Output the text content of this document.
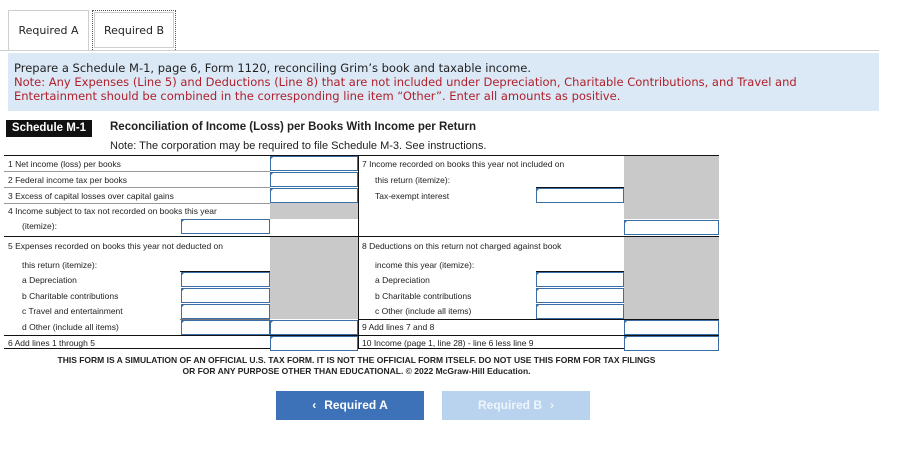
Required A	Required B
Prepare a Schedule M-1, page 6, Form 1120, reconciling Grim’s book and taxable income.
Note: Any Expenses (Line 5) and Deductions (Line 8) that are not included under Depreciation, Charitable Contributions, and Travel and Entertainment should be combined in the corresponding line item “Other”. Enter all amounts as positive.
Schedule M-1	Reconciliation of Income (Loss) per Books With Income per Return
Note: The corporation may be required to file Schedule M-3. See instructions.
1 Net income (loss) per books
2 Federal income tax per books
3 Excess of capital losses over capital gains
4 Income subject to tax not recorded on books this year
(itemize):
5 Expenses recorded on books this year not deducted on
this return (itemize):
a Depreciation
b Charitable contributions
c Travel and entertainment
d Other (include all items)
6 Add lines 1 through 5
7 Income recorded on books this year not included on
this return (itemize):
Tax-exempt interest
8 Deductions on this return not charged against book
income this year (itemize):
a Depreciation
b Charitable contributions
c Other (include all items)
9 Add lines 7 and 8
10 Income (page 1, line 28) - line 6 less line 9
THIS FORM IS A SIMULATION OF AN OFFICIAL U.S. TAX FORM. IT IS NOT THE OFFICIAL FORM ITSELF. DO NOT USE THIS FORM FOR TAX FILINGS
OR FOR ANY PURPOSE OTHER THAN EDUCATIONAL. © 2022 McGraw-Hill Education.
‹ Required A	Required B ›
